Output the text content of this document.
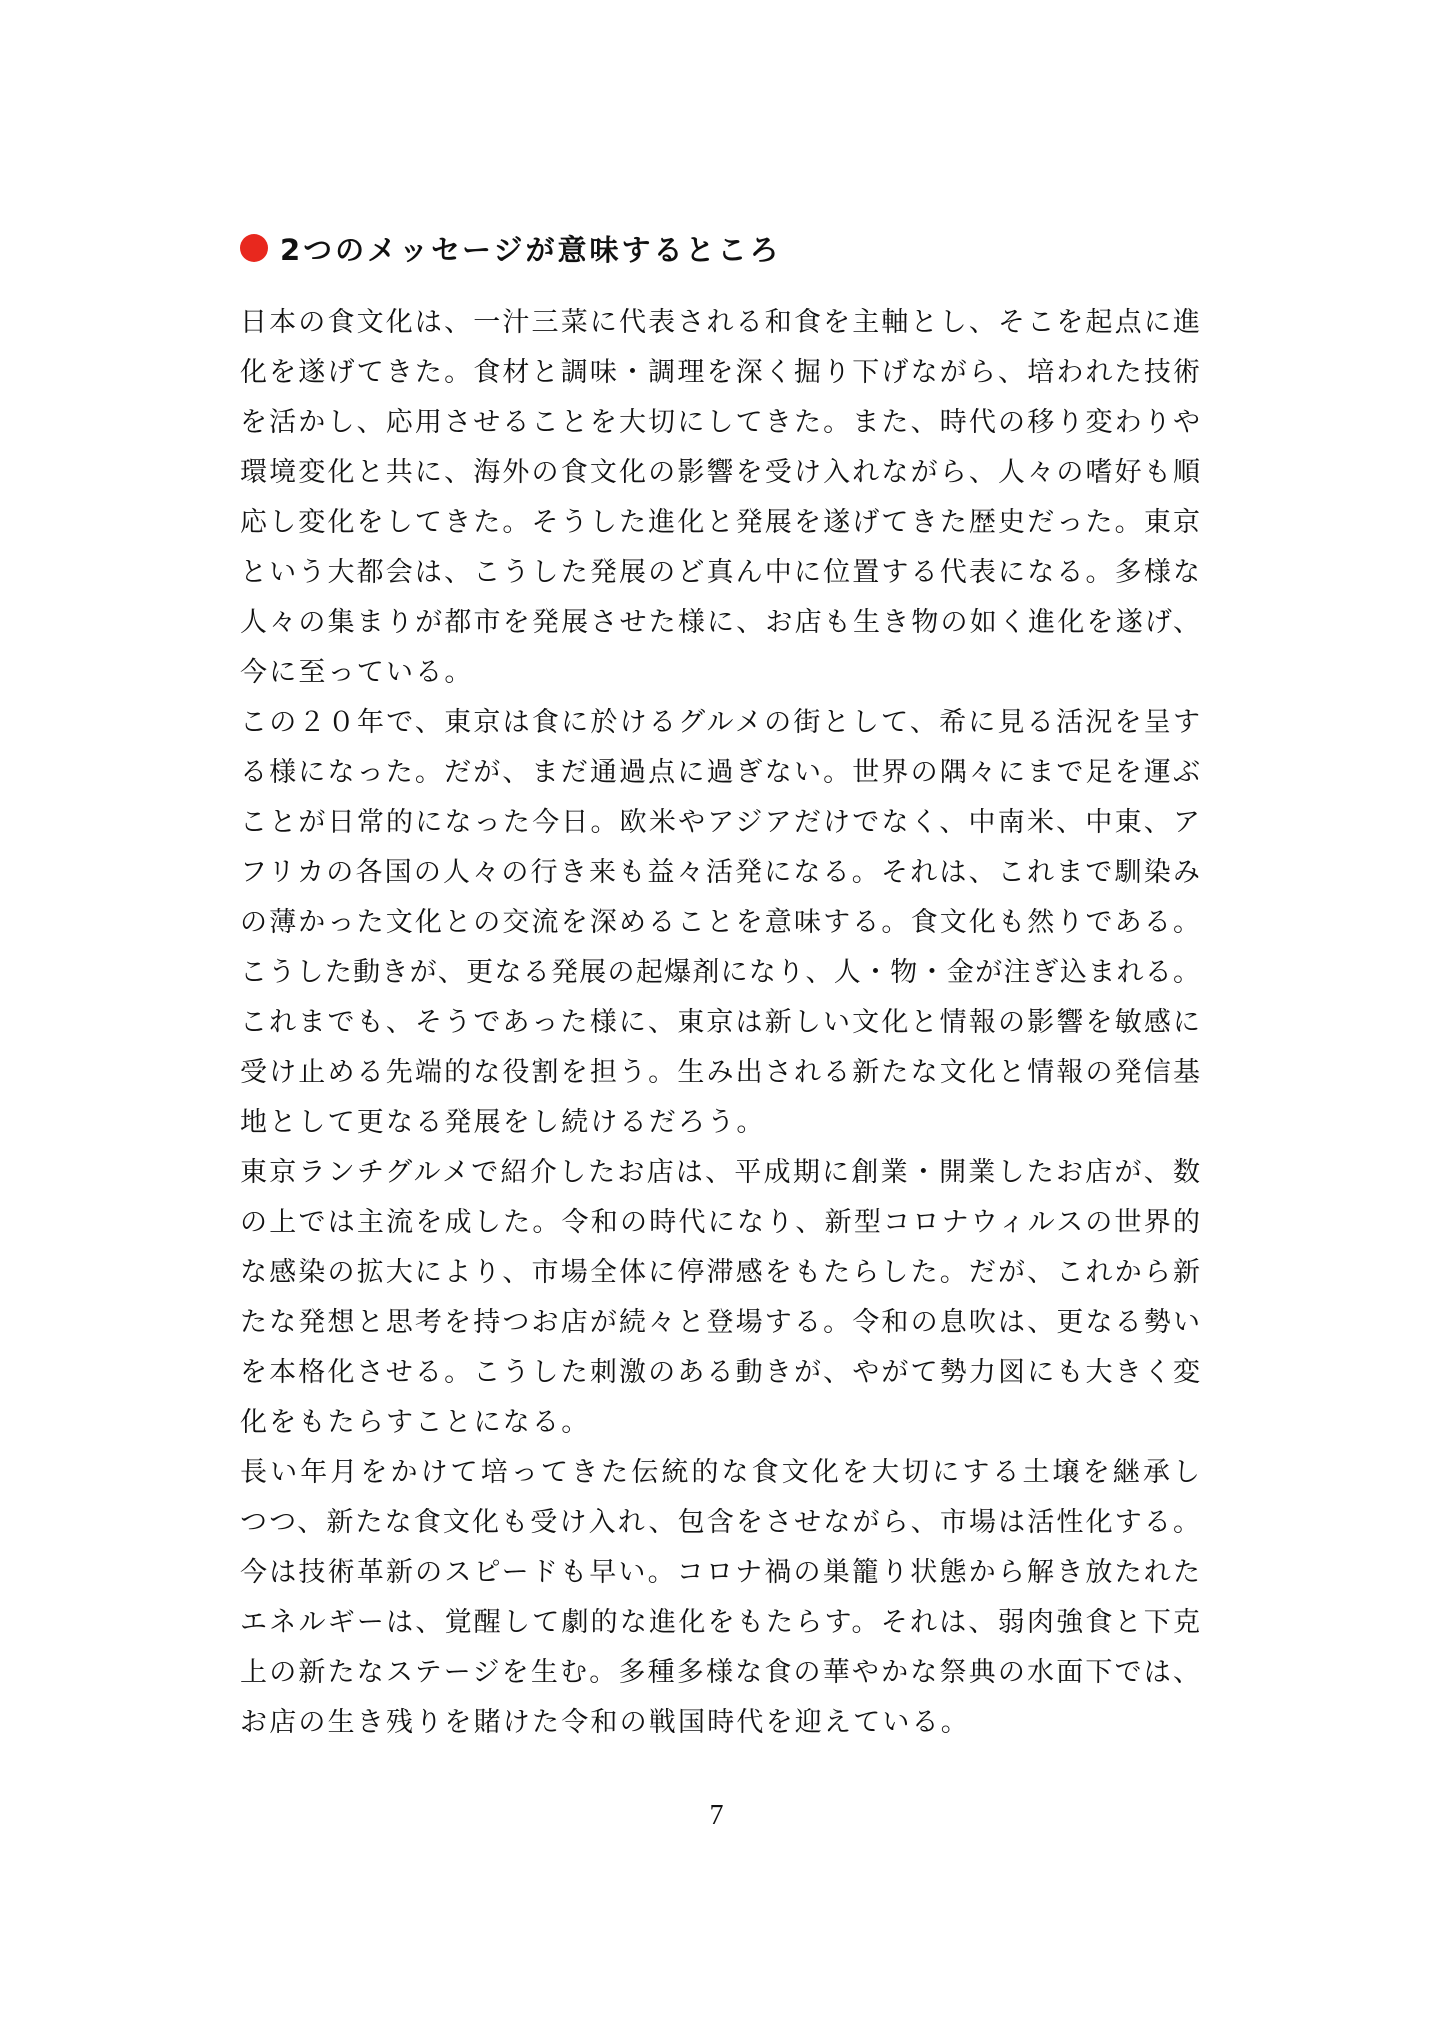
2つのメッセージが意味するところ
日本の食文化は、一汁三菜に代表される和食を主軸とし、そこを起点に進
化を遂げてきた。食材と調味・調理を深く掘り下げながら、培われた技術
を活かし、応用させることを大切にしてきた。また、時代の移り変わりや
環境変化と共に、海外の食文化の影響を受け入れながら、人々の嗜好も順
応し変化をしてきた。そうした進化と発展を遂げてきた歴史だった。東京
という大都会は、こうした発展のど真ん中に位置する代表になる。多様な
人々の集まりが都市を発展させた様に、お店も生き物の如く進化を遂げ、
今に至っている。
この２０年で、東京は食に於けるグルメの街として、希に見る活況を呈す
る様になった。だが、まだ通過点に過ぎない。世界の隅々にまで足を運ぶ
ことが日常的になった今日。欧米やアジアだけでなく、中南米、中東、ア
フリカの各国の人々の行き来も益々活発になる。それは、これまで馴染み
の薄かった文化との交流を深めることを意味する。食文化も然りである。
こうした動きが、更なる発展の起爆剤になり、人・物・金が注ぎ込まれる。
これまでも、そうであった様に、東京は新しい文化と情報の影響を敏感に
受け止める先端的な役割を担う。生み出される新たな文化と情報の発信基
地として更なる発展をし続けるだろう。
東京ランチグルメで紹介したお店は、平成期に創業・開業したお店が、数
の上では主流を成した。令和の時代になり、新型コロナウィルスの世界的
な感染の拡大により、市場全体に停滞感をもたらした。だが、これから新
たな発想と思考を持つお店が続々と登場する。令和の息吹は、更なる勢い
を本格化させる。こうした刺激のある動きが、やがて勢力図にも大きく変
化をもたらすことになる。
長い年月をかけて培ってきた伝統的な食文化を大切にする土壌を継承し
つつ、新たな食文化も受け入れ、包含をさせながら、市場は活性化する。
今は技術革新のスピードも早い。コロナ禍の巣籠り状態から解き放たれた
エネルギーは、覚醒して劇的な進化をもたらす。それは、弱肉強食と下克
上の新たなステージを生む。多種多様な食の華やかな祭典の水面下では、
お店の生き残りを賭けた令和の戦国時代を迎えている。
7
